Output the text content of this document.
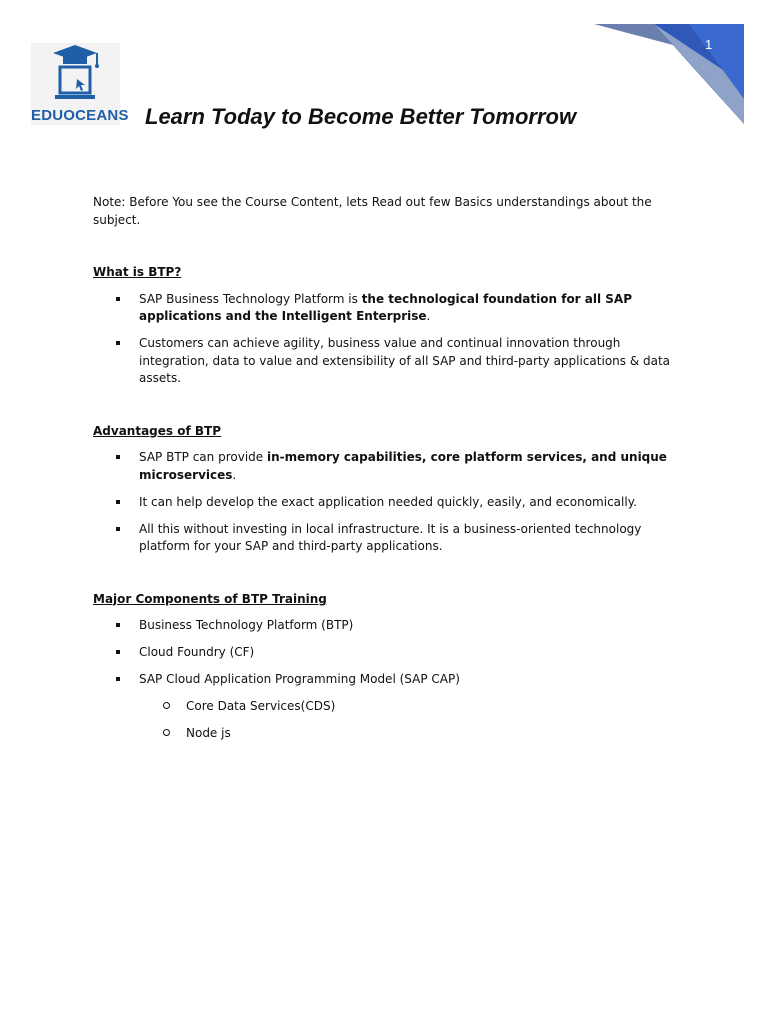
EDUOCEANS Learn Today to Become Better Tomorrow
1

Note: Before You see the Course Content, lets Read out few Basics understandings about the subject.

What is BTP?
SAP Business Technology Platform is the technological foundation for all SAP applications and the Intelligent Enterprise.
Customers can achieve agility, business value and continual innovation through integration, data to value and extensibility of all SAP and third-party applications & data assets.
Advantages of BTP
SAP BTP can provide in-memory capabilities, core platform services, and unique microservices.
It can help develop the exact application needed quickly, easily, and economically.
All this without investing in local infrastructure. It is a business-oriented technology platform for your SAP and third-party applications.
Major Components of BTP Training
Business Technology Platform (BTP)
Cloud Foundry (CF)
SAP Cloud Application Programming Model (SAP CAP)
Core Data Services(CDS)
Node js
